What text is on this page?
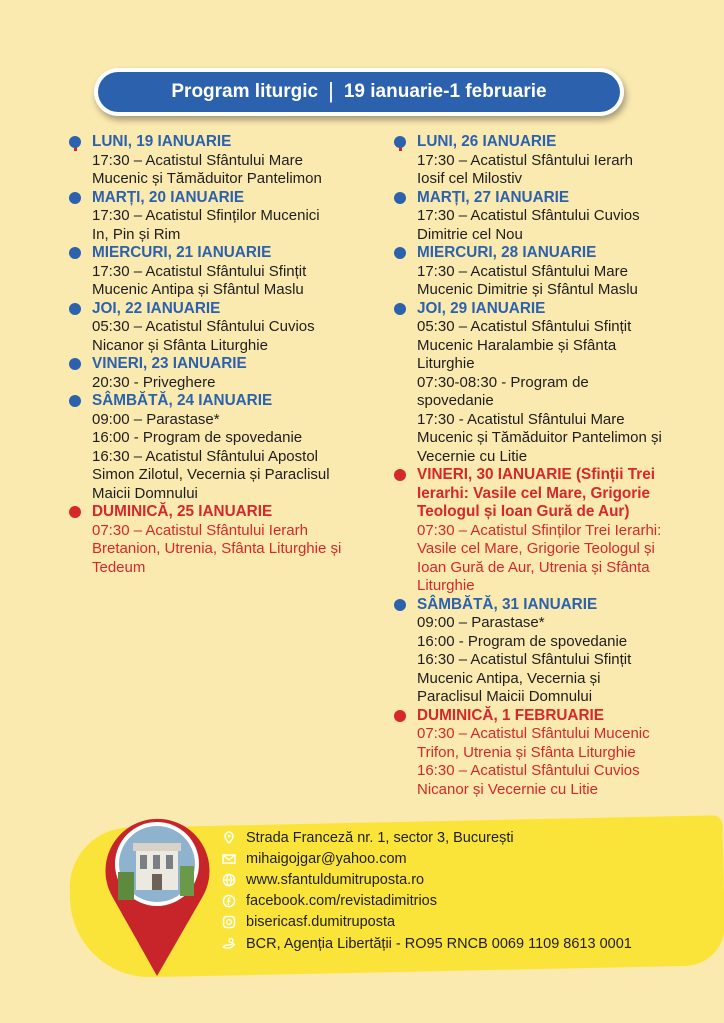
Program liturgic | 19 ianuarie-1 februarie
LUNI, 19 IANUARIE
17:30 – Acatistul Sfântului Mare
Mucenic și Tămăduitor Pantelimon
MARȚI, 20 IANUARIE
17:30 – Acatistul Sfinților Mucenici
In, Pin și Rim
MIERCURI, 21 IANUARIE
17:30 – Acatistul Sfântului Sfințit
Mucenic Antipa și Sfântul Maslu
JOI, 22 IANUARIE
05:30 – Acatistul Sfântului Cuvios
Nicanor și Sfânta Liturghie
VINERI, 23 IANUARIE
20:30 - Priveghere
SÂMBĂTĂ, 24 IANUARIE
09:00 – Parastase*
16:00 - Program de spovedanie
16:30 – Acatistul Sfântului Apostol
Simon Zilotul, Vecernia și Paraclisul
Maicii Domnului
DUMINICĂ, 25 IANUARIE
07:30 – Acatistul Sfântului Ierarh
Bretanion, Utrenia, Sfânta Liturghie și
Tedeum
LUNI, 26 IANUARIE
17:30 – Acatistul Sfântului Ierarh
Iosif cel Milostiv
MARȚI, 27 IANUARIE
17:30 – Acatistul Sfântului Cuvios
Dimitrie cel Nou
MIERCURI, 28 IANUARIE
17:30 – Acatistul Sfântului Mare
Mucenic Dimitrie și Sfântul Maslu
JOI, 29 IANUARIE
05:30 – Acatistul Sfântului Sfințit
Mucenic Haralambie și Sfânta
Liturghie
07:30-08:30 - Program de
spovedanie
17:30 - Acatistul Sfântului Mare
Mucenic și Tămăduitor Pantelimon și
Vecernie cu Litie
VINERI, 30 IANUARIE (Sfinții Trei
Ierarhi: Vasile cel Mare, Grigorie
Teologul și Ioan Gură de Aur)
07:30 – Acatistul Sfinților Trei Ierarhi:
Vasile cel Mare, Grigorie Teologul și
Ioan Gură de Aur, Utrenia și Sfânta
Liturghie
SÂMBĂTĂ, 31 IANUARIE
09:00 – Parastase*
16:00 - Program de spovedanie
16:30 – Acatistul Sfântului Sfințit
Mucenic Antipa, Vecernia și
Paraclisul Maicii Domnului
DUMINICĂ, 1 FEBRUARIE
07:30 – Acatistul Sfântului Mucenic
Trifon, Utrenia și Sfânta Liturghie
16:30 – Acatistul Sfântului Cuvios
Nicanor și Vecernie cu Litie
Strada Franceză nr. 1, sector 3, București
mihaigojgar@yahoo.com
www.sfantuldumitruposta.ro
facebook.com/revistadimitrios
bisericasf.dumitruposta
BCR, Agenția Libertății - RO95 RNCB 0069 1109 8613 0001
